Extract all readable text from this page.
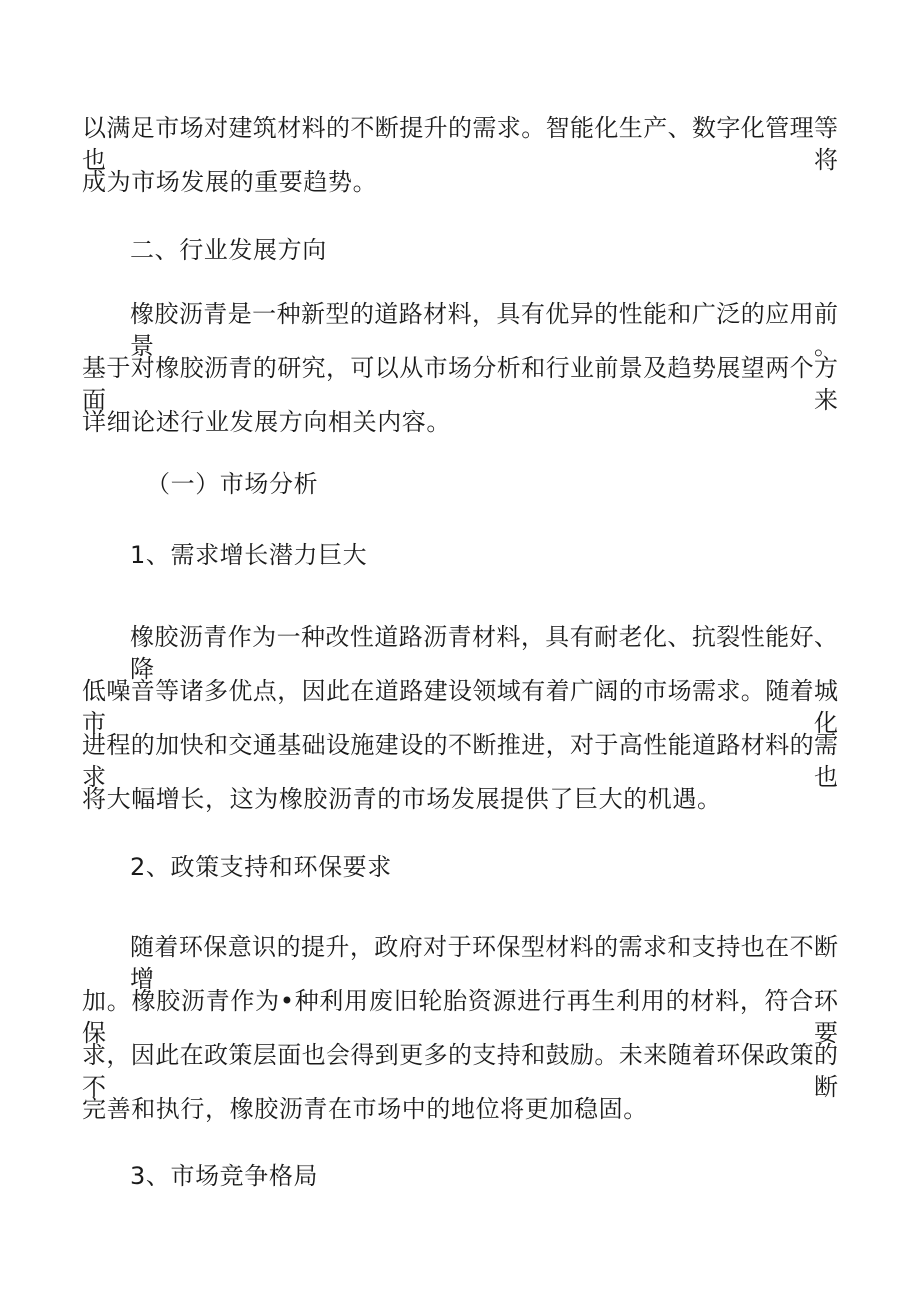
以满足市场对建筑材料的不断提升的需求。智能化生产、数字化管理等也将
成为市场发展的重要趋势。
二、行业发展方向
橡胶沥青是一种新型的道路材料，具有优异的性能和广泛的应用前景。
基于对橡胶沥青的研究，可以从市场分析和行业前景及趋势展望两个方面来
详细论述行业发展方向相关内容。
（一）市场分析
1、需求增长潜力巨大
橡胶沥青作为一种改性道路沥青材料，具有耐老化、抗裂性能好、降
低噪音等诸多优点，因此在道路建设领域有着广阔的市场需求。随着城市化
进程的加快和交通基础设施建设的不断推进，对于高性能道路材料的需求也
将大幅增长，这为橡胶沥青的市场发展提供了巨大的机遇。
2、政策支持和环保要求
随着环保意识的提升，政府对于环保型材料的需求和支持也在不断增
加。橡胶沥青作为•种利用废旧轮胎资源进行再生利用的材料，符合环保要
求，因此在政策层面也会得到更多的支持和鼓励。未来随着环保政策的不断
完善和执行，橡胶沥青在市场中的地位将更加稳固。
3、市场竞争格局
